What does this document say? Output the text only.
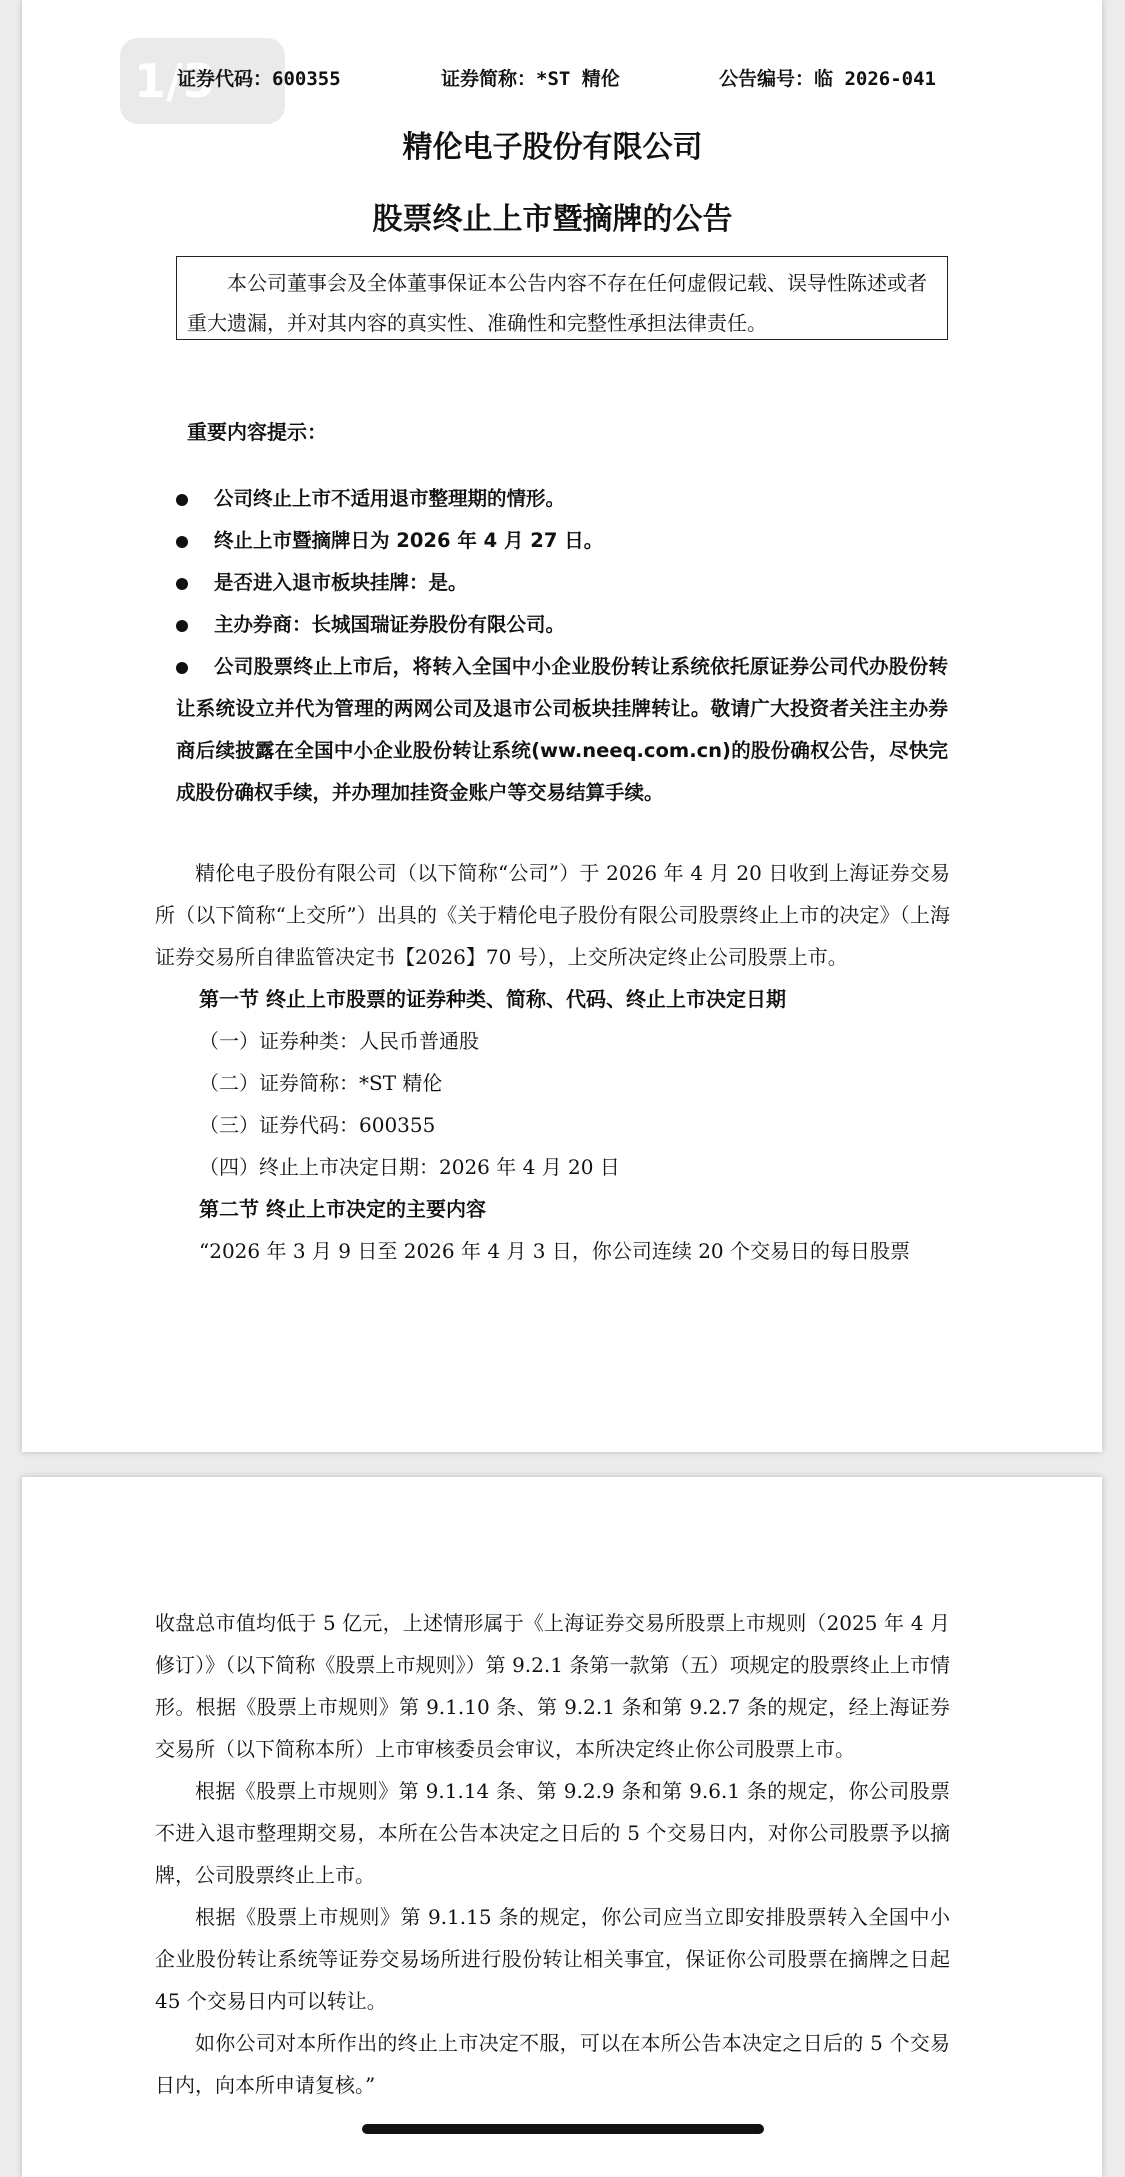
1/3
证券代码：600355	证券简称：*ST 精伦	公告编号：临 2026-041
精伦电子股份有限公司
股票终止上市暨摘牌的公告
本公司董事会及全体董事保证本公告内容不存在任何虚假记载、误导性陈述或者重大遗漏，并对其内容的真实性、准确性和完整性承担法律责任。
重要内容提示：
公司终止上市不适用退市整理期的情形。
终止上市暨摘牌日为 2026 年 4 月 27 日。
是否进入退市板块挂牌：是。
主办券商：长城国瑞证券股份有限公司。
公司股票终止上市后，将转入全国中小企业股份转让系统依托原证券公司代办股份转让系统设立并代为管理的两网公司及退市公司板块挂牌转让。敬请广大投资者关注主办券商后续披露在全国中小企业股份转让系统(ww.neeq.com.cn)的股份确权公告，尽快完成股份确权手续，并办理加挂资金账户等交易结算手续。
精伦电子股份有限公司（以下简称“公司”）于 2026 年 4 月 20 日收到上海证券交易所（以下简称“上交所”）出具的《关于精伦电子股份有限公司股票终止上市的决定》（上海证券交易所自律监管决定书【2026】70 号），上交所决定终止公司股票上市。
第一节 终止上市股票的证券种类、简称、代码、终止上市决定日期
（一）证券种类：人民币普通股
（二）证券简称：*ST 精伦
（三）证券代码：600355
（四）终止上市决定日期：2026 年 4 月 20 日
第二节 终止上市决定的主要内容
“2026 年 3 月 9 日至 2026 年 4 月 3 日，你公司连续 20 个交易日的每日股票
收盘总市值均低于 5 亿元，上述情形属于《上海证券交易所股票上市规则（2025 年 4 月修订）》（以下简称《股票上市规则》）第 9.2.1 条第一款第（五）项规定的股票终止上市情形。根据《股票上市规则》第 9.1.10 条、第 9.2.1 条和第 9.2.7 条的规定，经上海证券交易所（以下简称本所）上市审核委员会审议，本所决定终止你公司股票上市。
根据《股票上市规则》第 9.1.14 条、第 9.2.9 条和第 9.6.1 条的规定，你公司股票不进入退市整理期交易，本所在公告本决定之日后的 5 个交易日内，对你公司股票予以摘牌，公司股票终止上市。
根据《股票上市规则》第 9.1.15 条的规定，你公司应当立即安排股票转入全国中小企业股份转让系统等证券交易场所进行股份转让相关事宜，保证你公司股票在摘牌之日起 45 个交易日内可以转让。
如你公司对本所作出的终止上市决定不服，可以在本所公告本决定之日后的 5 个交易日内，向本所申请复核。”
